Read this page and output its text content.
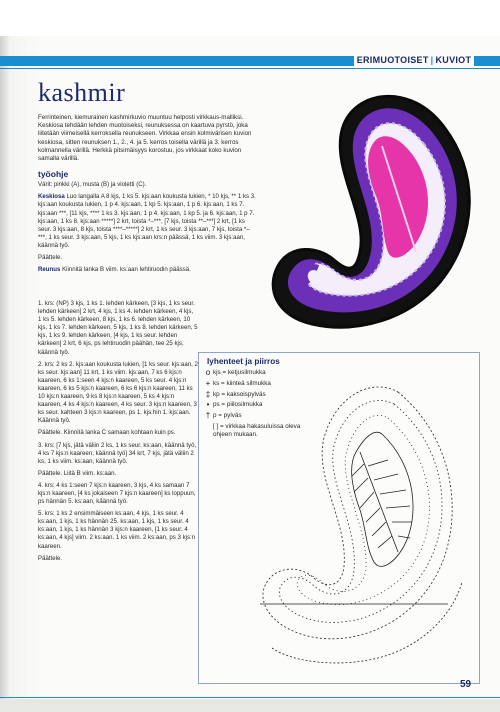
ERIMUOTOISET | KUVIOT
kashmir
Ferrinteinen, kiemurainen kashmirkuvio muuntuu helposti virkkaus-malliksi. Keskiosa tehdään lehden muotoiseksi, reunuksessa on kaartuva pyrstö, joka liitetään viimeisellä kerroksella reunukseen. Virkkaa ensin kolmivärisen kuvion keskiosa, sitten reunuksen 1., 2., 4. ja 5. kerros toisella värillä ja 3. kerros kolmannella värillä. Herkkä pitsimäisyys korostuu, jos virkkaat koko kuvion samalla värillä.
työohje
Värit: pinkki (A), musta (B) ja violetti (C).
Keskiosa Luo langalla A 8 kjs, 1 ks 5. kjs:aan koukusta lukien, * 10 kjs, ** 1 ks 3. kjs:aan koukusta lukien, 1 p 4. kjs:aan, 1 kp 5. kjs:aan, 1 p 6. kjs:aan, 1 ks 7. kjs:aan ***, [11 kjs, **** 1 ks 3. kjs:aan, 1 p 4. kjs:aan, 1 kp 5. ja 6. kjs:aan, 1 p 7. kjs:aan, 1 ks 8. kjs:aan *****] 2 krt, toista *–***, [7 kjs, toista **–***] 2 krt, [1 ks seur. 3 kjs:aan, 8 kjs, toista ****–*****] 2 krt, 1 ks seur. 3 kjs:aan, 7 kjs, toista *–***, 1 ks seur. 3 kjs:aan, 5 kjs, 1 ks kjs:aan krs:n päässä, 1 ks viim. 3 kjs:aan, käännä työ.
Päättele.
Reunus Kiinnitä lanka B viim. ks:aan lehtiruodin päässä.
1. krs: (NP) 3 kjs, 1 ks 1. lehden kärkeen, [3 kjs, 1 ks seur. lehden kärkeen] 2 krt, 4 kjs, 1 ks 4. lehden kärkeen, 4 kjs, 1 ks 5. lehden kärkeen, 8 kjs, 1 ks 6. lehden kärkeen, 10 kjs, 1 ks 7. lehden kärkeen, 5 kjs, 1 ks 8. lehden kärkeen, 5 kjs, 1 ks 9. lehden kärkeen, [4 kjs, 1 ks seur. lehden kärkeen] 2 krt, 6 kjs, ps lehtiruodin päähän, tee 25 kjs, käännä työ.
2. krs: 2 ks 2. kjs:aan koukusta lukien, [1 ks seur. kjs:aan, 2 ks seur. kjs:aan] 11 krt, 1 ks viim. kjs:aan, 7 ks 6 kjs:n kaareen, 6 ks 1:seen 4 kjs:n kaareen, 5 ks seur. 4 kjs:n kaareen, 6 ks 5 kjs:n kaareen, 6 ks 6 kjs:n kaareen, 11 ks 10 kjs:n kaareen, 9 ks 8 kjs:n kaareen, 5 ks 4 kjs:n kaareen, 4 ks 4 kjs:n kaareen, 4 ks seur. 3 kjs:n kaareen, 3 ks seur. kahteen 3 kjs:n kaareen, ps 1. kjs:hin 1. kjs:aan. Käännä työ.
Päättele. Kiinnitä lanka C samaan kohtaan kuin ps.
3. krs: [7 kjs, jätä väliin 2 ks, 1 ks seur. ks:aan, käännä työ, 4 ks 7 kjs:n kaareen, käännä työ] 34 krt, 7 kjs, jätä väliin 2 ks, 1 ks viim. ks:aan, käännä työ.
Päättele. Liitä B viim. ks:aan.
4. krs: 4 ks 1:seen 7 kjs:n kaareen, 3 kjs, 4 ks samaan 7 kjs:n kaareen, [4 ks jokaiseen 7 kjs:n kaareen] ks loppuun, ps hännän 5. ks:aan, käännä työ.
5. krs: 1 ks 2 ensimmäiseen ks:aan, 4 kjs, 1 ks seur. 4 ks:aan, 1 kjs, 1 ks hännän 25. ks:aan, 1 kjs, 1 ks seur. 4 ks:aan, 1 kjs, 1 ks hännän 3 kjs:n kaareen, [1 ks seur. 4 ks:aan, 4 kjs] viim. 2 ks:aan, 1 ks viim. 2 ks:aan, ps 3 kjs:n kaareen.
Päättele.
lyhenteet ja piirros
o kjs = ketjusilmukka
+ ks = kiinteä silmukka
‡ kp = kaksoispylväs
• ps = piilosilmukka
† p = pylväs
[ ] = virkkaa hakasuluissa oleva ohjeen mukaan.
59
